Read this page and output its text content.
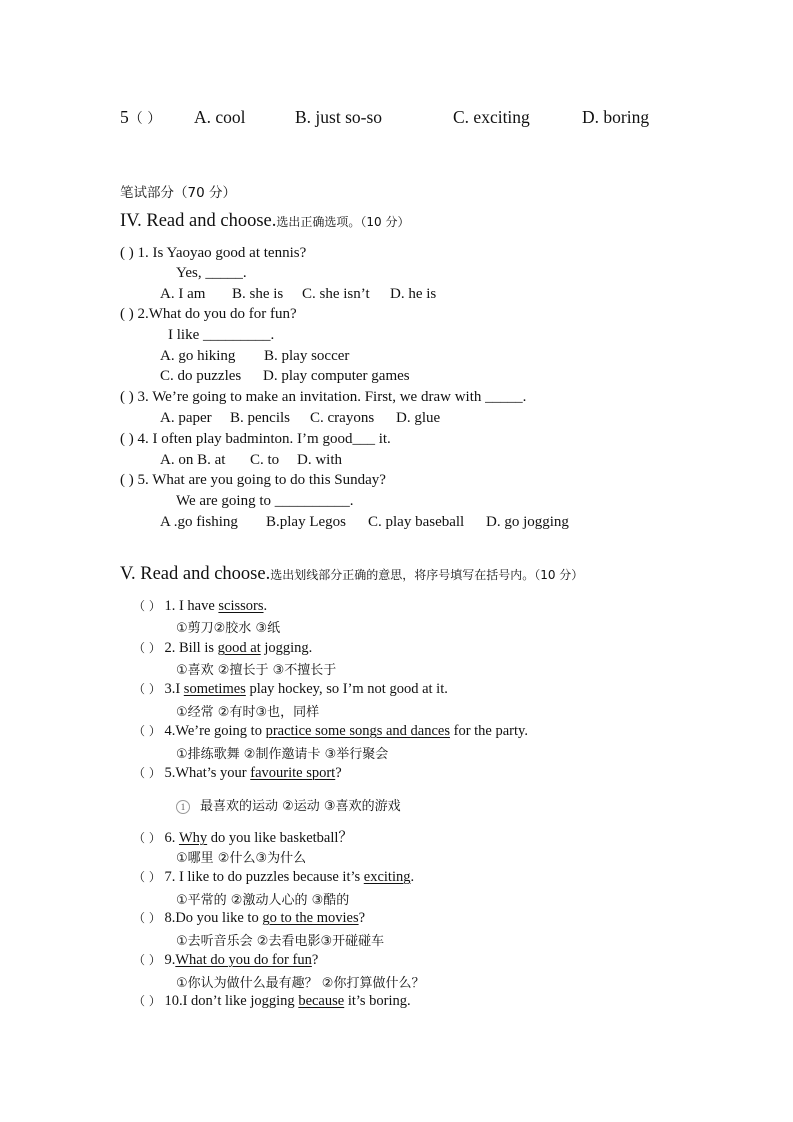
5（ ） A. cool	B. just so-so	C. exciting	D. boring
笔试部分（70 分）
IV. Read and choose.选出正确选项。（10 分）
( ) 1. Is Yaoyao good at tennis?
Yes, _____.
A. I am B. she is C. she isn’t D. he is
( ) 2.What do you do for fun?
I like _________.
A. go hiking B. play soccer
C. do puzzles D. play computer games
( ) 3. We’re going to make an invitation. First, we draw with _____.
A. paper B. pencils C. crayons D. glue
( ) 4. I often play badminton. I’m good___ it.
A. on B. at C. to D. with
( ) 5. What are you going to do this Sunday?
We are going to __________.
A .go fishing B.play Legos C. play baseball D. go jogging
V. Read and choose.选出划线部分正确的意思，将序号填写在括号内。（10 分）
（ ） 1. I have scissors.
①剪刀②胶水 ③纸
（ ） 2. Bill is good at jogging.
①喜欢 ②擅长于 ③不擅长于
（ ） 3.I sometimes play hockey, so I’m not good at it.
①经常 ②有时③也，同样
（ ） 4.We’re going to practice some songs and dances for the party.
①排练歌舞 ②制作邀请卡 ③举行聚会
（ ） 5.What’s your favourite sport?
1 最喜欢的运动 ②运动 ③喜欢的游戏
（ ） 6. Why do you like basketball？
①哪里 ②什么③为什么
（ ） 7. I like to do puzzles because it’s exciting.
①平常的 ②激动人心的 ③酷的
（ ） 8.Do you like to go to the movies?
①去听音乐会 ②去看电影③开碰碰车
（ ） 9.What do you do for fun?
①你认为做什么最有趣？ ②你打算做什么？
（ ） 10.I don’t like jogging because it’s boring.
